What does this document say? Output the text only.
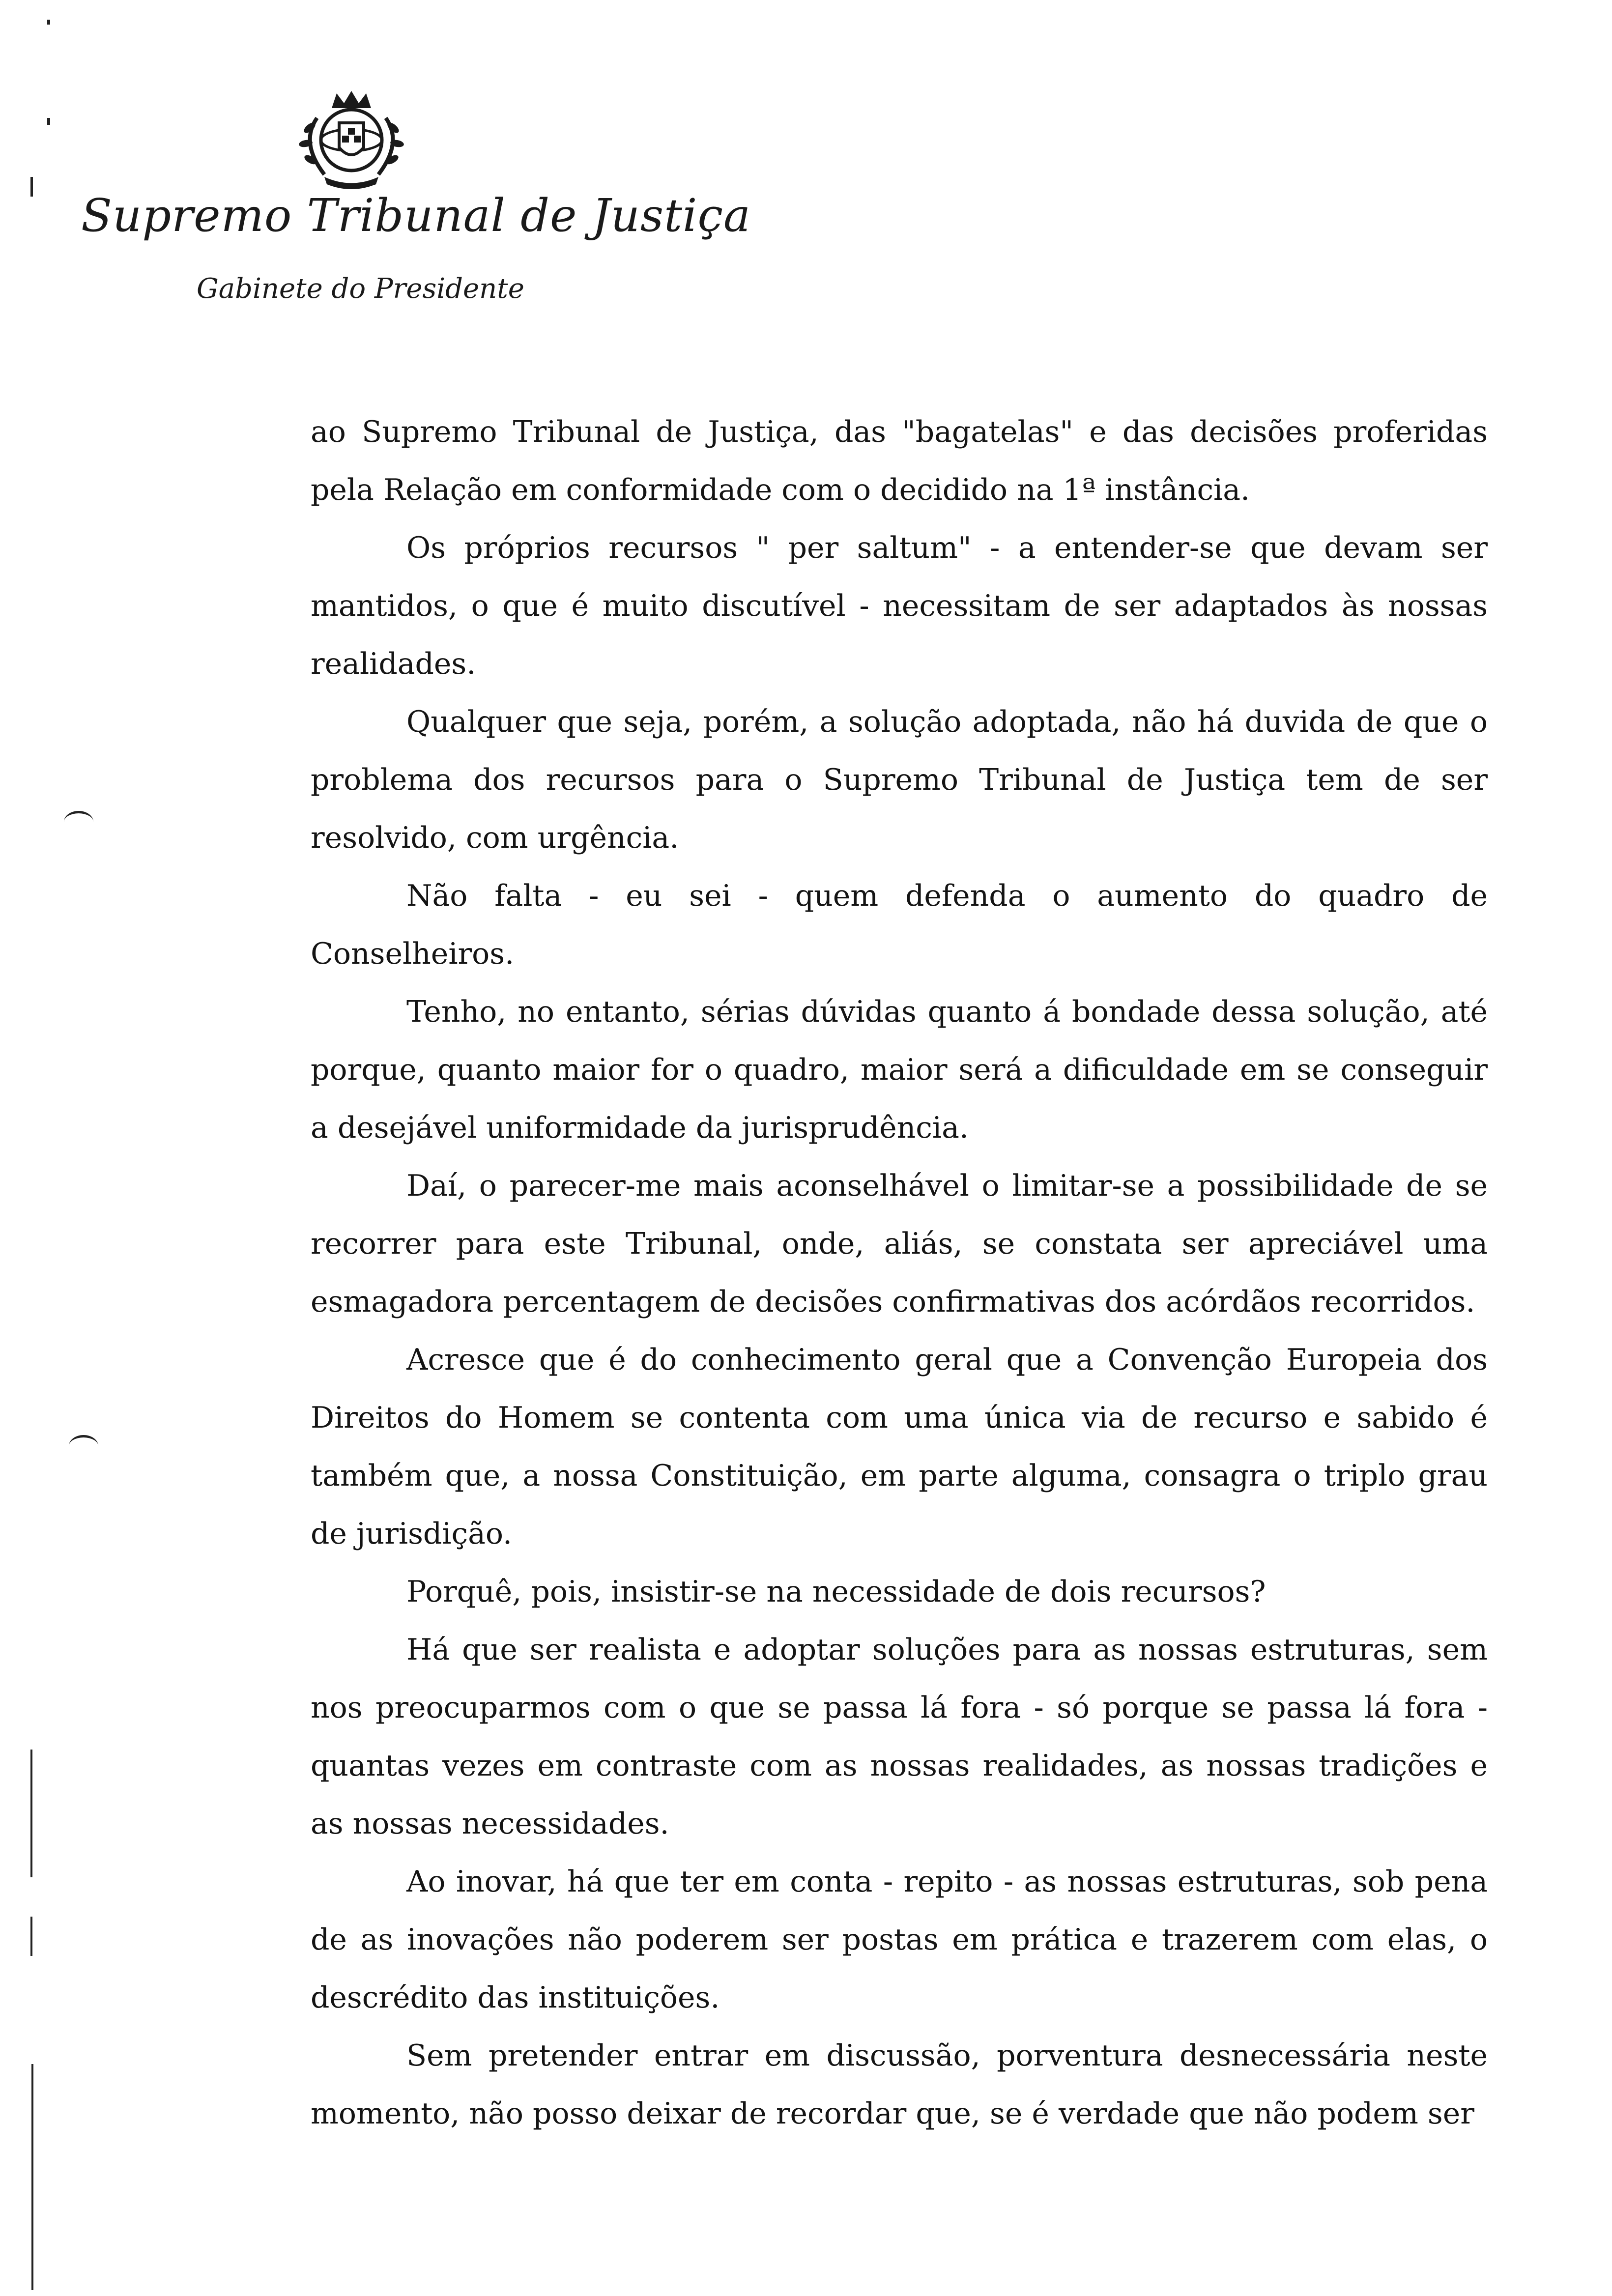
Supremo Tribunal de Justiça
Gabinete do Presidente

ao Supremo Tribunal de Justiça, das "bagatelas" e das decisões proferidas pela Relação em conformidade com o decidido na 1ª instância.

Os próprios recursos " per saltum" - a entender-se que devam ser mantidos, o que é muito discutível - necessitam de ser adaptados às nossas realidades.

Qualquer que seja, porém, a solução adoptada, não há duvida de que o problema dos recursos para o Supremo Tribunal de Justiça tem de ser resolvido, com urgência.

Não falta - eu sei - quem defenda o aumento do quadro de Conselheiros.

Tenho, no entanto, sérias dúvidas quanto á bondade dessa solução, até porque, quanto maior for o quadro, maior será a dificuldade em se conseguir a desejável uniformidade da jurisprudência.

Daí, o parecer-me mais aconselhável o limitar-se a possibilidade de se recorrer para este Tribunal, onde, aliás, se constata ser apreciável uma esmagadora percentagem de decisões confirmativas dos acórdãos recorridos.

Acresce que é do conhecimento geral que a Convenção Europeia dos Direitos do Homem se contenta com uma única via de recurso e sabido é também que, a nossa Constituição, em parte alguma, consagra o triplo grau de jurisdição.

Porquê, pois, insistir-se na necessidade de dois recursos?

Há que ser realista e adoptar soluções para as nossas estruturas, sem nos preocuparmos com o que se passa lá fora - só porque se passa lá fora - quantas vezes em contraste com as nossas realidades, as nossas tradições e as nossas necessidades.

Ao inovar, há que ter em conta - repito - as nossas estruturas, sob pena de as inovações não poderem ser postas em prática e trazerem com elas, o descrédito das instituições.

Sem pretender entrar em discussão, porventura desnecessária neste momento, não posso deixar de recordar que, se é verdade que não podem ser
